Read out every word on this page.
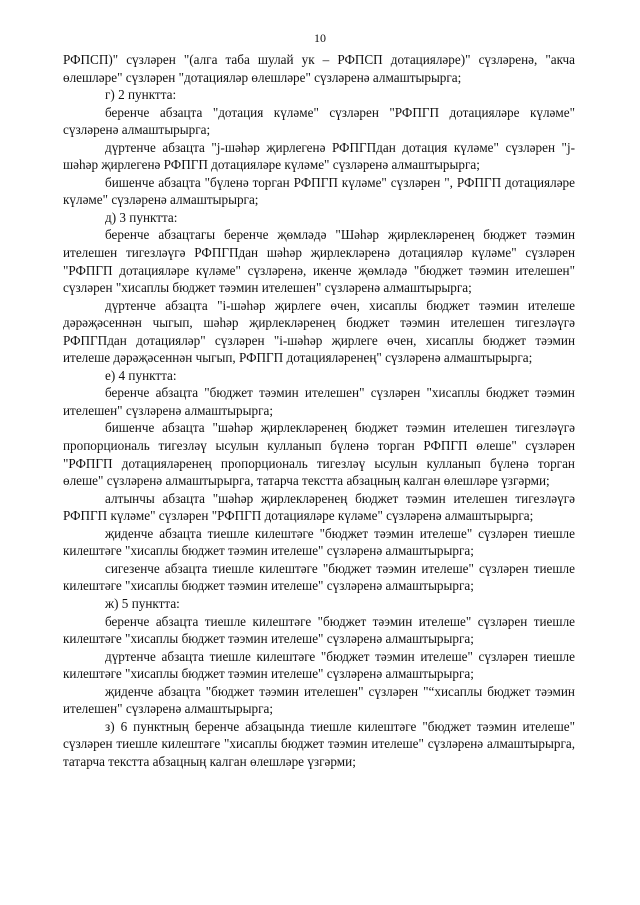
10

РФПСП)" сүзләрен "(алга таба шулай ук – РФПСП дотацияләре)" сүзләренә, "акча өлешләре" сүзләрен "дотацияләр өлешләре" сүзләренә алмаштырырга;

г) 2 пунктта:

беренче абзацта "дотация күләме" сүзләрен "РФПГП дотацияләре күләме" сүзләренә алмаштырырга;

дүртенче абзацта "j-шәһәр җирлегенә РФПГПдан дотация күләме" сүзләрен "j-шәһәр җирлегенә РФПГП дотацияләре күләме" сүзләренә алмаштырырга;

бишенче абзацта "бүленә торган РФПГП күләме" сүзләрен ", РФПГП дотацияләре күләме" сүзләренә алмаштырырга;

д) 3 пунктта:

беренче абзацтагы беренче җөмләдә "Шәһәр җирлекләренең бюджет тәэмин ителешен тигезләүгә РФПГПдан шәһәр җирлекләренә дотацияләр күләме" сүзләрен "РФПГП дотацияләре күләме" сүзләренә, икенче җөмләдә "бюджет тәэмин ителешен" сүзләрен "хисаплы бюджет тәэмин ителешен" сүзләренә алмаштырырга;

дүртенче абзацта "i-шәһәр җирлеге өчен, хисаплы бюджет тәэмин ителеше дәрәҗәсеннән чыгып, шәһәр җирлекләренең бюджет тәэмин ителешен тигезләүгә РФПГПдан дотацияләр" сүзләрен "i-шәһәр җирлеге өчен, хисаплы бюджет тәэмин ителеше дәрәҗәсеннән чыгып, РФПГП дотацияләренең" сүзләренә алмаштырырга;

е) 4 пунктта:

беренче абзацта "бюджет тәэмин ителешен" сүзләрен "хисаплы бюджет тәэмин ителешен" сүзләренә алмаштырырга;

бишенче абзацта "шәһәр җирлекләренең бюджет тәэмин ителешен тигезләүгә пропорциональ тигезләү ысулын кулланып бүленә торган РФПГП өлеше" сүзләрен "РФПГП дотацияләренең пропорциональ тигезләү ысулын кулланып бүленә торган өлеше" сүзләренә алмаштырырга, татарча текстта абзацның калган өлешләре үзгәрми;

алтынчы абзацта "шәһәр җирлекләренең бюджет тәэмин ителешен тигезләүгә РФПГП күләме" сүзләрен "РФПГП дотацияләре күләме" сүзләренә алмаштырырга;

җиденче абзацта тиешле килештәге "бюджет тәэмин ителеше" сүзләрен тиешле килештәге "хисаплы бюджет тәэмин ителеше" сүзләренә алмаштырырга;

сигезенче абзацта тиешле килештәге "бюджет тәэмин ителеше" сүзләрен тиешле килештәге "хисаплы бюджет тәэмин ителеше" сүзләренә алмаштырырга;

ж) 5 пунктта:

беренче абзацта тиешле килештәге "бюджет тәэмин ителеше" сүзләрен тиешле килештәге "хисаплы бюджет тәэмин ителеше" сүзләренә алмаштырырга;

дүртенче абзацта тиешле килештәге "бюджет тәэмин ителеше" сүзләрен тиешле килештәге "хисаплы бюджет тәэмин ителеше" сүзләренә алмаштырырга;

җиденче абзацта "бюджет тәэмин ителешен" сүзләрен "“хисаплы бюджет тәэмин ителешен" сүзләренә алмаштырырга;

з) 6 пунктның беренче абзацында тиешле килештәге "бюджет тәэмин ителеше" сүзләрен тиешле килештәге "хисаплы бюджет тәэмин ителеше" сүзләренә алмаштырырга, татарча текстта абзацның калган өлешләре үзгәрми;
